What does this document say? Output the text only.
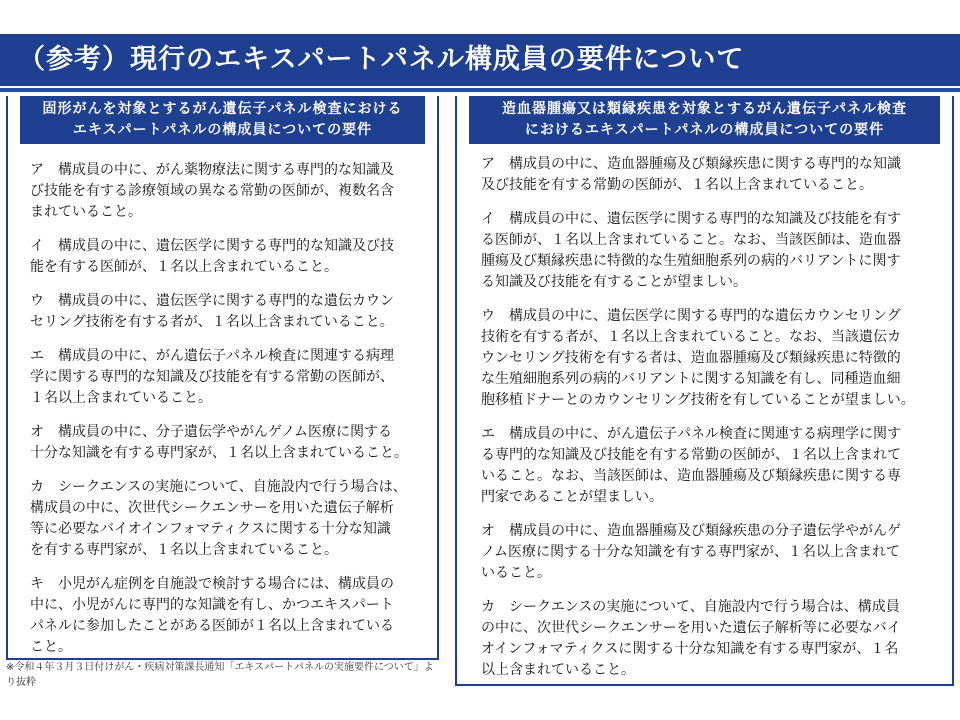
（参考）現行のエキスパートパネル構成員の要件について
固形がんを対象とするがん遺伝子パネル検査における
エキスパートパネルの構成員についての要件

ア　構成員の中に、がん薬物療法に関する専門的な知識及
び技能を有する診療領域の異なる常勤の医師が、複数名含
まれていること。

イ　構成員の中に、遺伝医学に関する専門的な知識及び技
能を有する医師が、１名以上含まれていること。

ウ　構成員の中に、遺伝医学に関する専門的な遺伝カウン
セリング技術を有する者が、１名以上含まれていること。

エ　構成員の中に、がん遺伝子パネル検査に関連する病理
学に関する専門的な知識及び技能を有する常勤の医師が、
１名以上含まれていること。

オ　構成員の中に、分子遺伝学やがんゲノム医療に関する
十分な知識を有する専門家が、１名以上含まれていること。

カ　シークエンスの実施について、自施設内で行う場合は、
構成員の中に、次世代シークエンサーを用いた遺伝子解析
等に必要なバイオインフォマティクスに関する十分な知識
を有する専門家が、１名以上含まれていること。

キ　小児がん症例を自施設で検討する場合には、構成員の
中に、小児がんに専門的な知識を有し、かつエキスパート
パネルに参加したことがある医師が１名以上含まれている
こと。

造血器腫瘍又は類縁疾患を対象とするがん遺伝子パネル検査
におけるエキスパートパネルの構成員についての要件

ア　構成員の中に、造血器腫瘍及び類縁疾患に関する専門的な知識
及び技能を有する常勤の医師が、１名以上含まれていること。

イ　構成員の中に、遺伝医学に関する専門的な知識及び技能を有す
る医師が、１名以上含まれていること。なお、当該医師は、造血器
腫瘍及び類縁疾患に特徴的な生殖細胞系列の病的バリアントに関す
る知識及び技能を有することが望ましい。

ウ　構成員の中に、遺伝医学に関する専門的な遺伝カウンセリング
技術を有する者が、１名以上含まれていること。なお、当該遺伝カ
ウンセリング技術を有する者は、造血器腫瘍及び類縁疾患に特徴的
な生殖細胞系列の病的バリアントに関する知識を有し、同種造血細
胞移植ドナーとのカウンセリング技術を有していることが望ましい。

エ　構成員の中に、がん遺伝子パネル検査に関連する病理学に関す
る専門的な知識及び技能を有する常勤の医師が、１名以上含まれて
いること。なお、当該医師は、造血器腫瘍及び類縁疾患に関する専
門家であることが望ましい。

オ　構成員の中に、造血器腫瘍及び類縁疾患の分子遺伝学やがんゲ
ノム医療に関する十分な知識を有する専門家が、１名以上含まれて
いること。

カ　シークエンスの実施について、自施設内で行う場合は、構成員
の中に、次世代シークエンサーを用いた遺伝子解析等に必要なバイ
オインフォマティクスに関する十分な知識を有する専門家が、１名
以上含まれていること。

※令和４年３月３日付けがん・疾病対策課長通知「エキスパートパネルの実施要件について」よ
り抜粋
